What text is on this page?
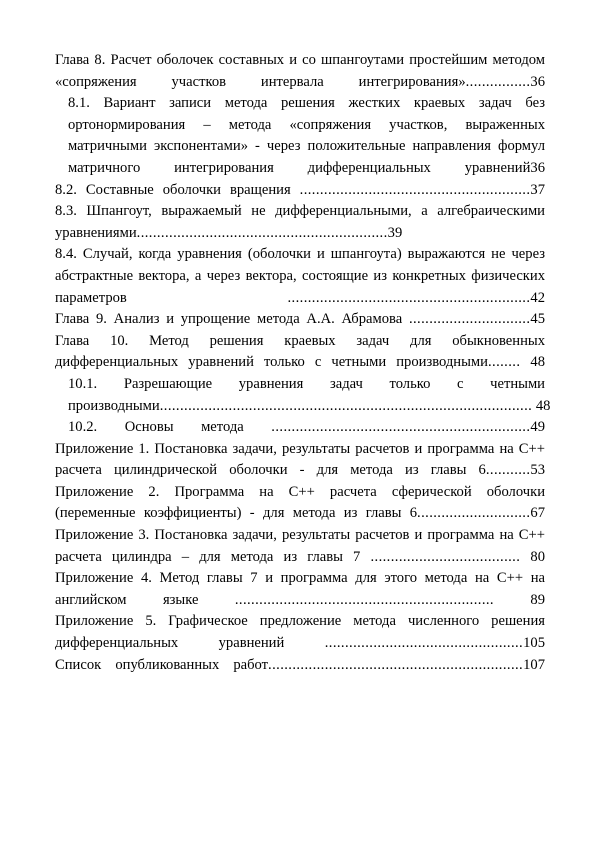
Глава 8. Расчет оболочек составных и со шпангоутами простейшим методом «сопряжения участков интервала интегрирования»................36

8.1. Вариант записи метода решения жестких краевых задач без ортонормирования – метода «сопряжения участков, выраженных матричными экспонентами» - через положительные направления формул матричного интегрирования дифференциальных уравнений36

8.2. Составные оболочки вращения .........................................................37

8.3. Шпангоут, выражаемый не дифференциальными, а алгебраическими уравнениями..............................................................39

8.4. Случай, когда уравнения (оболочки и шпангоута) выражаются не через абстрактные вектора, а через вектора, состоящие из конкретных физических параметров ............................................................42

Глава 9. Анализ и упрощение метода А.А. Абрамова ..............................45

Глава 10. Метод решения краевых задач для обыкновенных дифференциальных уравнений только с четными производными........ 48

10.1. Разрешающие уравнения задач только с четными производными............................................................................................ 48

10.2. Основы метода ................................................................49

Приложение 1. Постановка задачи, результаты расчетов и программа на С++ расчета цилиндрической оболочки - для метода из главы 6...........53

Приложение 2. Программа на С++ расчета сферической оболочки (переменные коэффициенты) - для метода из главы 6............................67

Приложение 3. Постановка задачи, результаты расчетов и программа на С++ расчета цилиндра – для метода из главы 7 ..................................... 80

Приложение 4. Метод главы 7 и программа для этого метода на С++ на английском языке ................................................................ 89

Приложение 5. Графическое предложение метода численного решения дифференциальных уравнений .................................................105

Список опубликованных работ...............................................................107
